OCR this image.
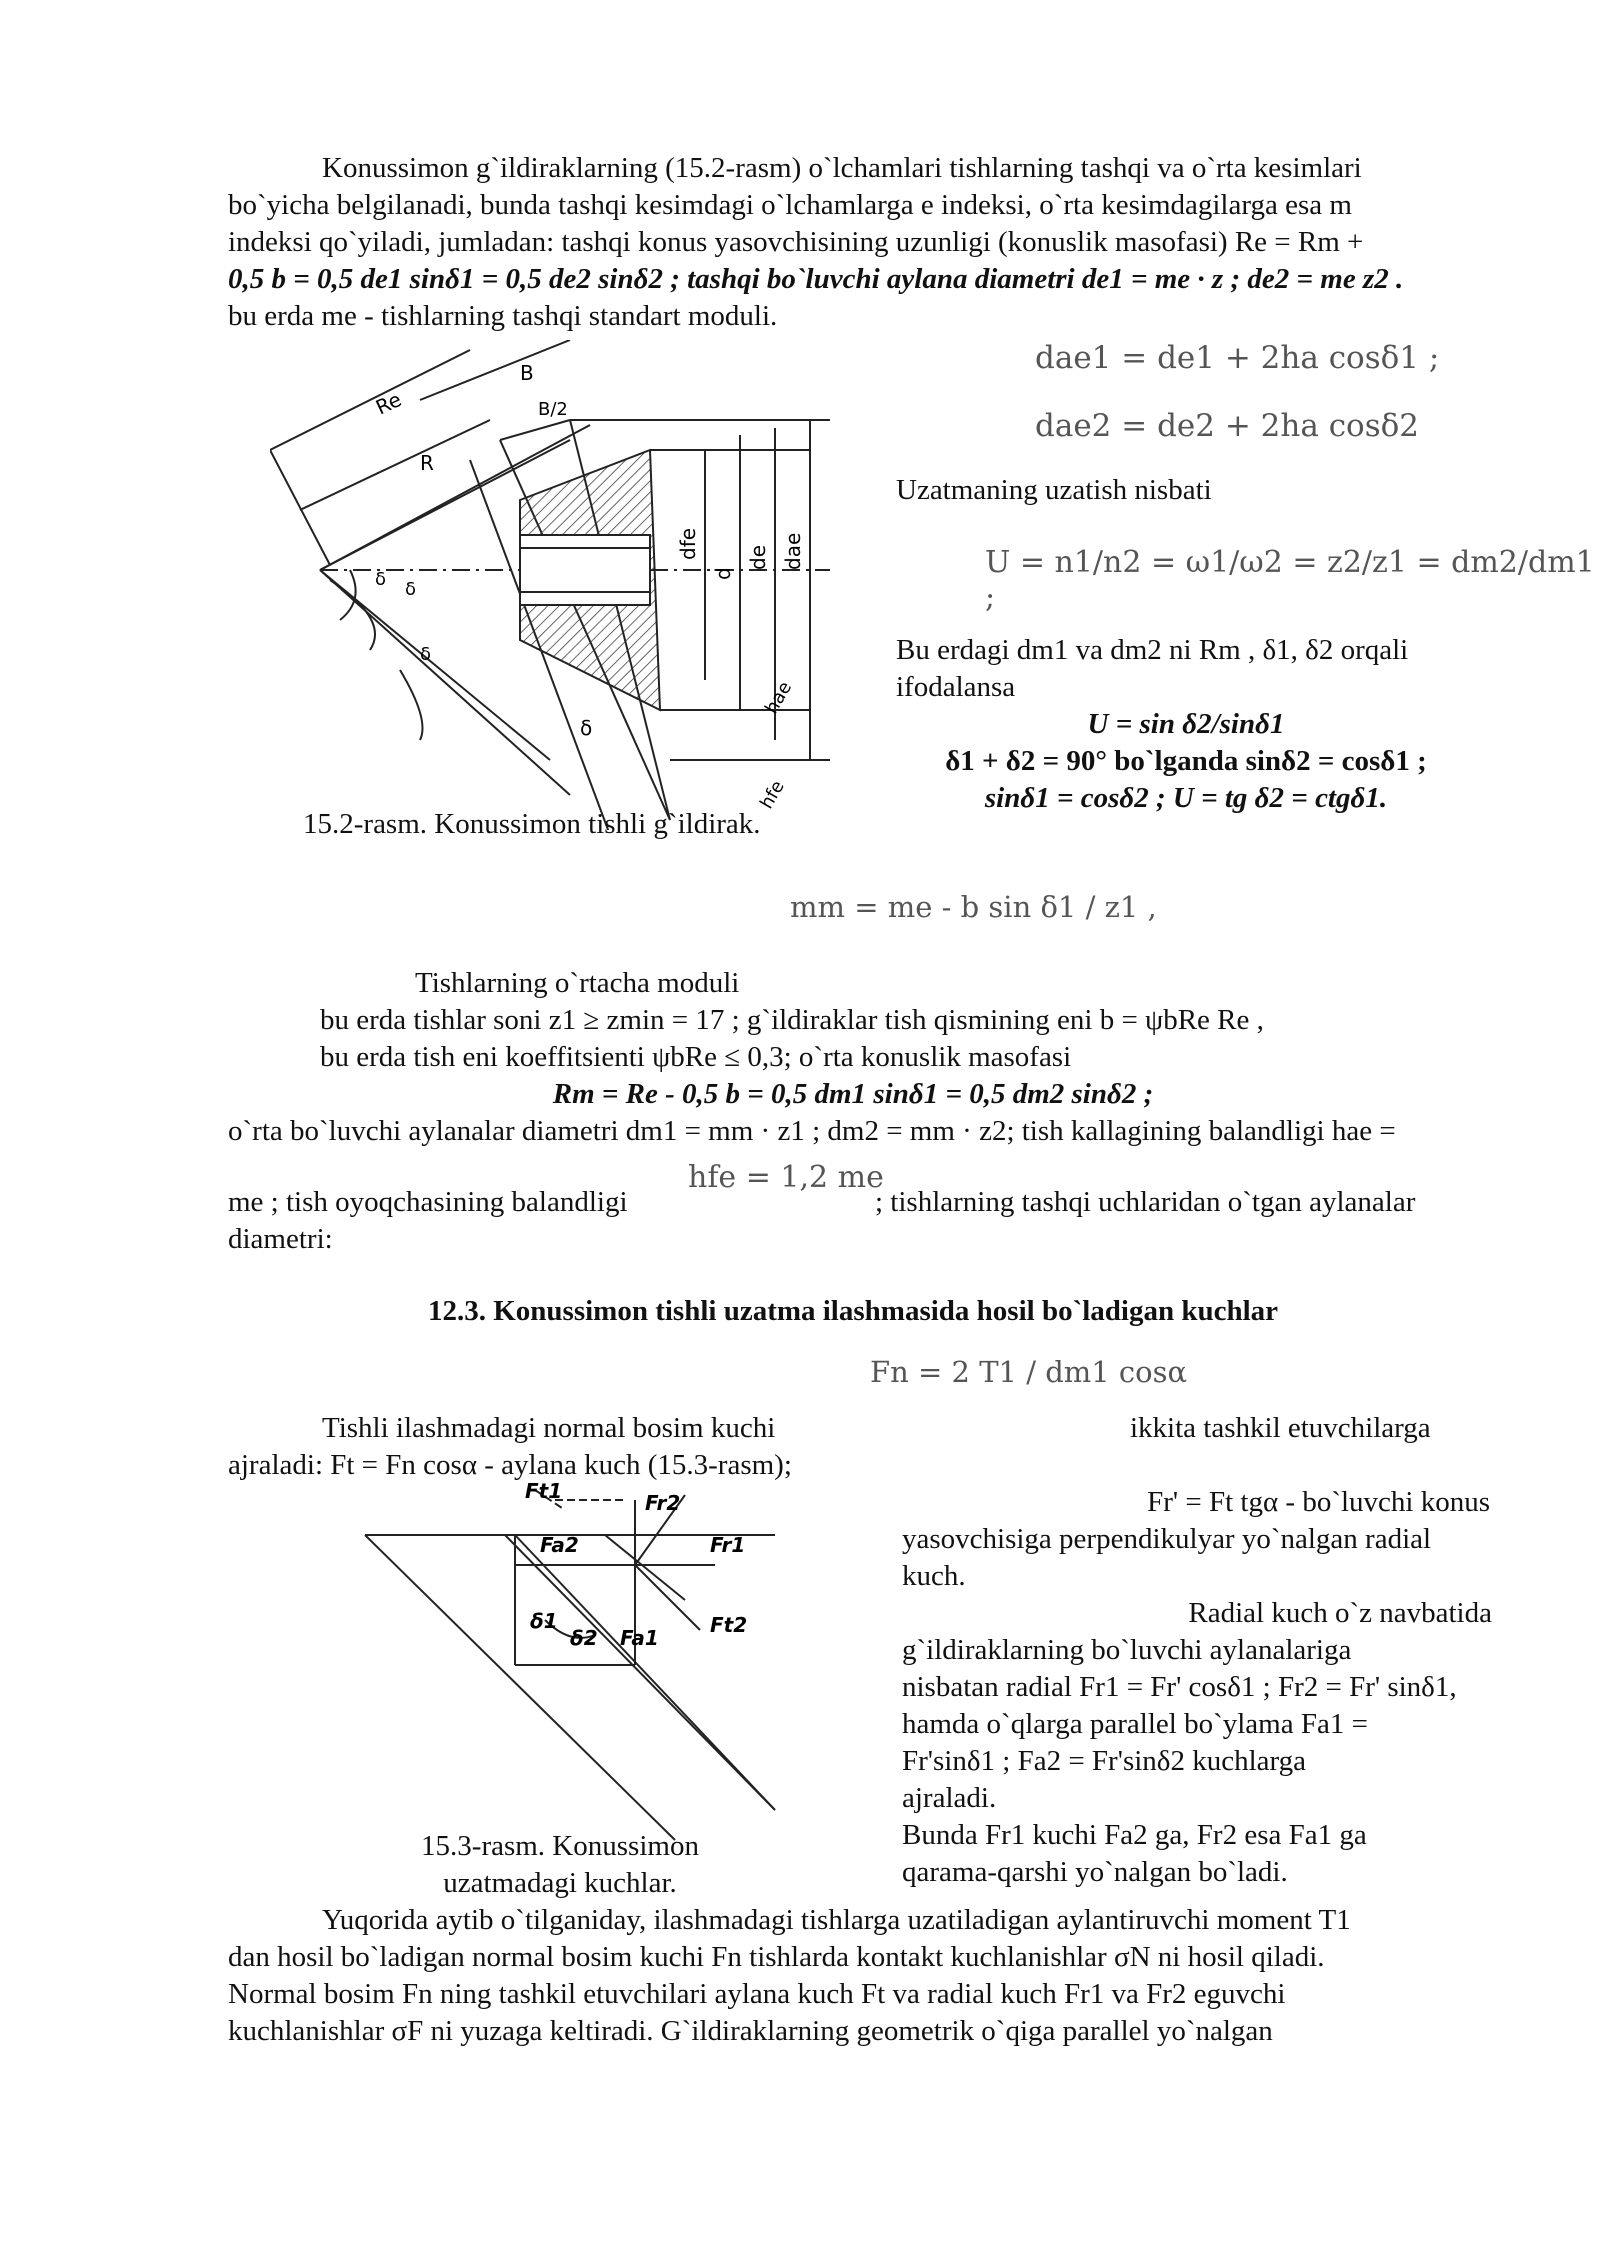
Konussimon g`ildiraklarning (15.2-rasm) o`lchamlari tishlarning tashqi va o`rta kesimlari
bo`yicha belgilanadi, bunda tashqi kesimdagi o`lchamlarga e indeksi, o`rta kesimdagilarga esa m
indeksi qo`yiladi, jumladan: tashqi konus yasovchisining uzunligi (konuslik masofasi) Re = Rm +
0,5 b = 0,5 de1 sinδ1 = 0,5 de2 sinδ2 ; tashqi bo`luvchi aylana diametri de1 = me · z ; de2 = me z2 .
bu erda me - tishlarning tashqi standart moduli.
Re
B
B/2
R
dfe
d
de dae
δ δ
δ
δ
hfe
hae
15.2-rasm. Konussimon tishli g`ildirak.
dae1 = de1 + 2ha cosδ1 ;
dae2 = de2 + 2ha cosδ2
Uzatmaning uzatish nisbati
U = n1/n2 = ω1/ω2 = z2/z1 = dm2/dm1 ;
Bu erdagi dm1 va dm2 ni Rm , δ1, δ2 orqali
ifodalansa
U = sin δ2/sinδ1
δ1 + δ2 = 90° bo`lganda sinδ2 = cosδ1 ;
sinδ1 = cosδ2 ; U = tg δ2 = ctgδ1.
mm = me - b sin δ1 / z1 ,
Tishlarning o`rtacha moduli
bu erda tishlar soni z1 ≥ zmin = 17 ; g`ildiraklar tish qismining eni b = ψbRe Re ,
bu erda tish eni koeffitsienti ψbRe ≤ 0,3; o`rta konuslik masofasi
Rm = Re - 0,5 b = 0,5 dm1 sinδ1 = 0,5 dm2 sinδ2 ;
o`rta bo`luvchi aylanalar diametri dm1 = mm · z1 ; dm2 = mm · z2; tish kallagining balandligi hae =
me ; tish oyoqchasining balandligi
hfe = 1,2 me
; tishlarning tashqi uchlaridan o`tgan aylanalar
diametri:
12.3. Konussimon tishli uzatma ilashmasida hosil bo`ladigan kuchlar
Fn = 2 T1 / dm1 cosα
Tishli ilashmadagi normal bosim kuchi	ikkita tashkil etuvchilarga
ajraladi: Ft = Fn cosα - aylana kuch (15.3-rasm);
Ft1	Fr2
Fa2	Fr1
δ1
δ2 Fa1
Ft2
15.3-rasm. Konussimon
uzatmadagi kuchlar.
Fr' = Ft tgα - bo`luvchi konus
yasovchisiga perpendikulyar yo`nalgan radial
kuch.
Radial kuch o`z navbatida
g`ildiraklarning bo`luvchi aylanalariga
nisbatan radial Fr1 = Fr' cosδ1 ; Fr2 = Fr' sinδ1,
hamda o`qlarga parallel bo`ylama Fa1 =
Fr'sinδ1 ; Fa2 = Fr'sinδ2 kuchlarga
ajraladi.
Bunda Fr1 kuchi Fa2 ga, Fr2 esa Fa1 ga
qarama-qarshi yo`nalgan bo`ladi.
Yuqorida aytib o`tilganiday, ilashmadagi tishlarga uzatiladigan aylantiruvchi moment T1
dan hosil bo`ladigan normal bosim kuchi Fn tishlarda kontakt kuchlanishlar σN ni hosil qiladi.
Normal bosim Fn ning tashkil etuvchilari aylana kuch Ft va radial kuch Fr1 va Fr2 eguvchi
kuchlanishlar σF ni yuzaga keltiradi. G`ildiraklarning geometrik o`qiga parallel yo`nalgan
